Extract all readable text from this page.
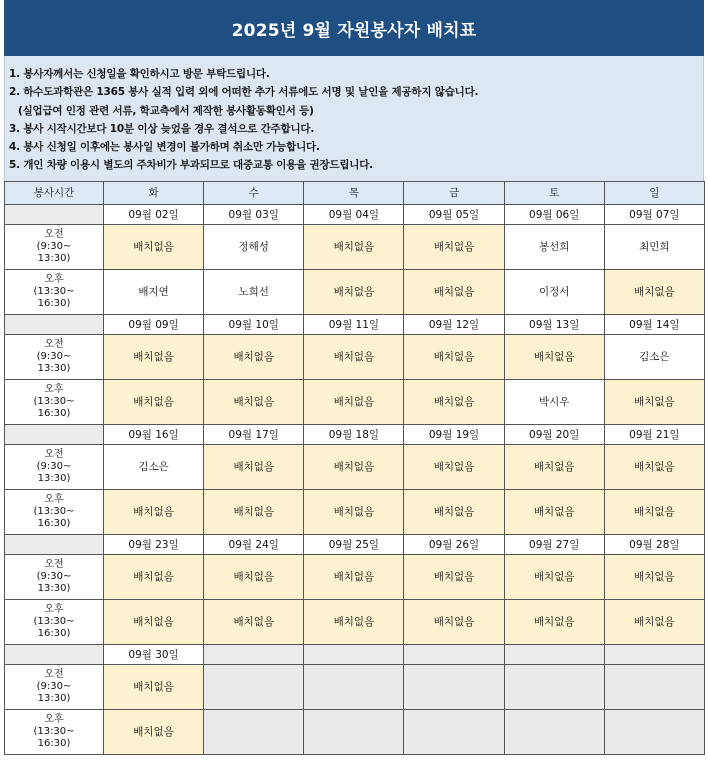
2025년 9월 자원봉사자 배치표
1. 봉사자께서는 신청일을 확인하시고 방문 부탁드립니다.
2. 하수도과학관은 1365 봉사 실적 입력 외에 어떠한 추가 서류에도 서명 및 날인을 제공하지 않습니다.
(실업급여 인정 관련 서류, 학교측에서 제작한 봉사활동확인서 등)
3. 봉사 시작시간보다 10분 이상 늦었을 경우 결석으로 간주합니다.
4. 봉사 신청일 이후에는 봉사일 변경이 불가하며 취소만 가능합니다.
5. 개인 차량 이용시 별도의 주차비가 부과되므로 대중교통 이용을 권장드립니다.
봉사시간	화	수	목	금	토	일
	09월 02일	09월 03일	09월 04일	09월 05일	09월 06일	09월 07일

오전
(9:30~
13:30)	배치없음	정해성	배치없음	배치없음	봉선희	최민희

오후
(13:30~
16:30)	배지연	노희선	배치없음	배치없음	이정서	배치없음
	09월 09일	09월 10일	09월 11일	09월 12일	09월 13일	09월 14일

오전
(9:30~
13:30)	배치없음	배치없음	배치없음	배치없음	배치없음	김소은

오후
(13:30~
16:30)	배치없음	배치없음	배치없음	배치없음	박시우	배치없음
	09월 16일	09월 17일	09월 18일	09월 19일	09월 20일	09월 21일

오전
(9:30~
13:30)	김소은	배치없음	배치없음	배치없음	배치없음	배치없음

오후
(13:30~
16:30)	배치없음	배치없음	배치없음	배치없음	배치없음	배치없음
	09월 23일	09월 24일	09월 25일	09월 26일	09월 27일	09월 28일

오전
(9:30~
13:30)	배치없음	배치없음	배치없음	배치없음	배치없음	배치없음

오후
(13:30~
16:30)	배치없음	배치없음	배치없음	배치없음	배치없음	배치없음
	09월 30일					

오전
(9:30~
13:30)	배치없음					

오후
(13:30~
16:30)	배치없음					
